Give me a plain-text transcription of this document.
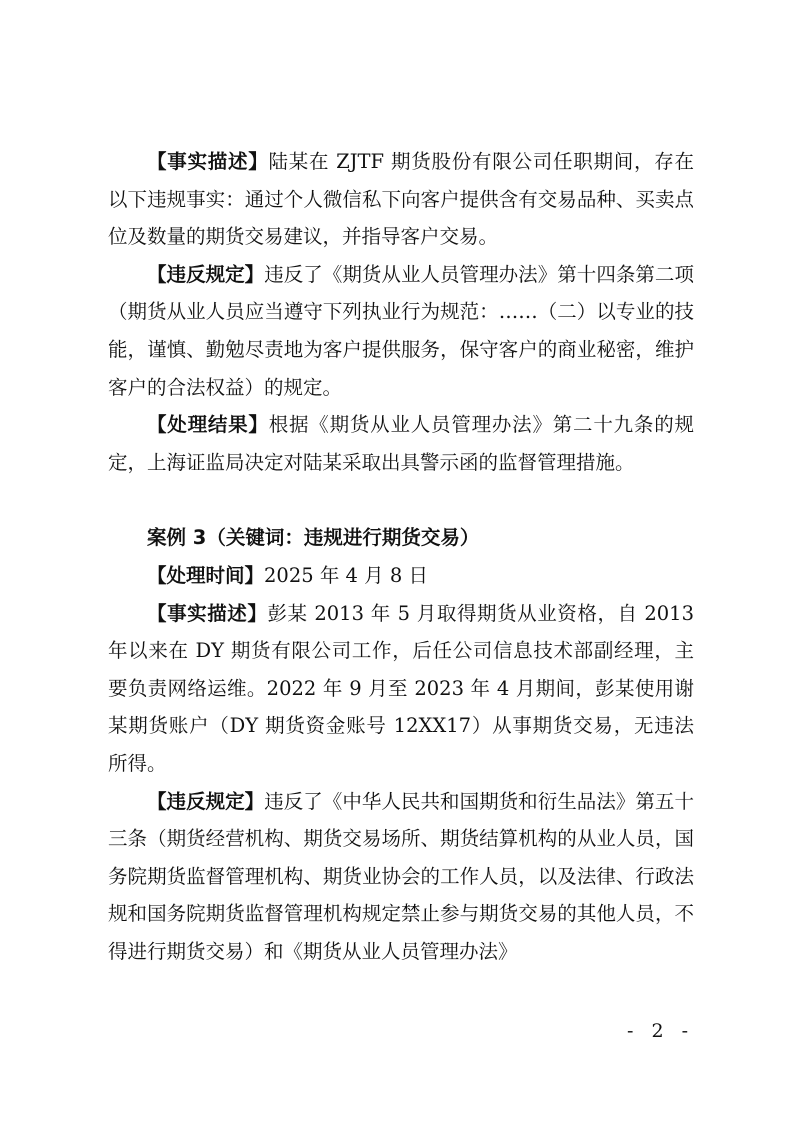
【事实描述】陆某在 ZJTF 期货股份有限公司任职期间，存在以下违规事实：通过个人微信私下向客户提供含有交易品种、买卖点位及数量的期货交易建议，并指导客户交易。

【违反规定】违反了《期货从业人员管理办法》第十四条第二项（期货从业人员应当遵守下列执业行为规范：……（二）以专业的技能，谨慎、勤勉尽责地为客户提供服务，保守客户的商业秘密，维护客户的合法权益）的规定。

【处理结果】根据《期货从业人员管理办法》第二十九条的规定，上海证监局决定对陆某采取出具警示函的监督管理措施。

案例 3（关键词：违规进行期货交易）

【处理时间】2025 年 4 月 8 日

【事实描述】彭某 2013 年 5 月取得期货从业资格，自 2013 年以来在 DY 期货有限公司工作，后任公司信息技术部副经理，主要负责网络运维。2022 年 9 月至 2023 年 4 月期间，彭某使用谢某期货账户（DY 期货资金账号 12XX17）从事期货交易，无违法所得。

【违反规定】违反了《中华人民共和国期货和衍生品法》第五十三条（期货经营机构、期货交易场所、期货结算机构的从业人员，国务院期货监督管理机构、期货业协会的工作人员，以及法律、行政法规和国务院期货监督管理机构规定禁止参与期货交易的其他人员，不得进行期货交易）和《期货从业人员管理办法》

- 2 -
